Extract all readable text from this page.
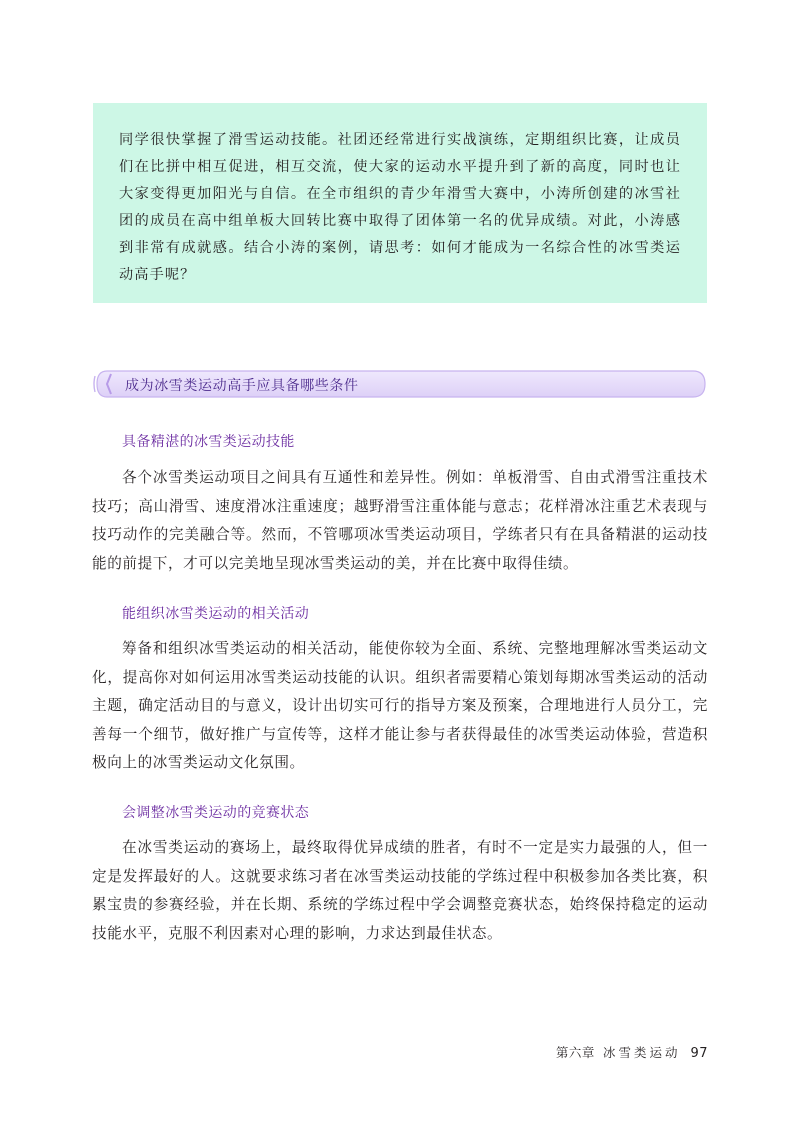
同学很快掌握了滑雪运动技能。社团还经常进行实战演练，定期组织比赛，让成员们在比拼中相互促进，相互交流，使大家的运动水平提升到了新的高度，同时也让大家变得更加阳光与自信。在全市组织的青少年滑雪大赛中，小涛所创建的冰雪社团的成员在高中组单板大回转比赛中取得了团体第一名的优异成绩。对此，小涛感到非常有成就感。结合小涛的案例，请思考：如何才能成为一名综合性的冰雪类运动高手呢？

成为冰雪类运动高手应具备哪些条件
具备精湛的冰雪类运动技能

各个冰雪类运动项目之间具有互通性和差异性。例如：单板滑雪、自由式滑雪注重技术技巧；高山滑雪、速度滑冰注重速度；越野滑雪注重体能与意志；花样滑冰注重艺术表现与技巧动作的完美融合等。然而，不管哪项冰雪类运动项目，学练者只有在具备精湛的运动技能的前提下，才可以完美地呈现冰雪类运动的美，并在比赛中取得佳绩。

能组织冰雪类运动的相关活动

筹备和组织冰雪类运动的相关活动，能使你较为全面、系统、完整地理解冰雪类运动文化，提高你对如何运用冰雪类运动技能的认识。组织者需要精心策划每期冰雪类运动的活动主题，确定活动目的与意义，设计出切实可行的指导方案及预案，合理地进行人员分工，完善每一个细节，做好推广与宣传等，这样才能让参与者获得最佳的冰雪类运动体验，营造积极向上的冰雪类运动文化氛围。

会调整冰雪类运动的竞赛状态

在冰雪类运动的赛场上，最终取得优异成绩的胜者，有时不一定是实力最强的人，但一定是发挥最好的人。这就要求练习者在冰雪类运动技能的学练过程中积极参加各类比赛，积累宝贵的参赛经验，并在长期、系统的学练过程中学会调整竞赛状态，始终保持稳定的运动技能水平，克服不利因素对心理的影响，力求达到最佳状态。

第六章 冰雪类运动 97
